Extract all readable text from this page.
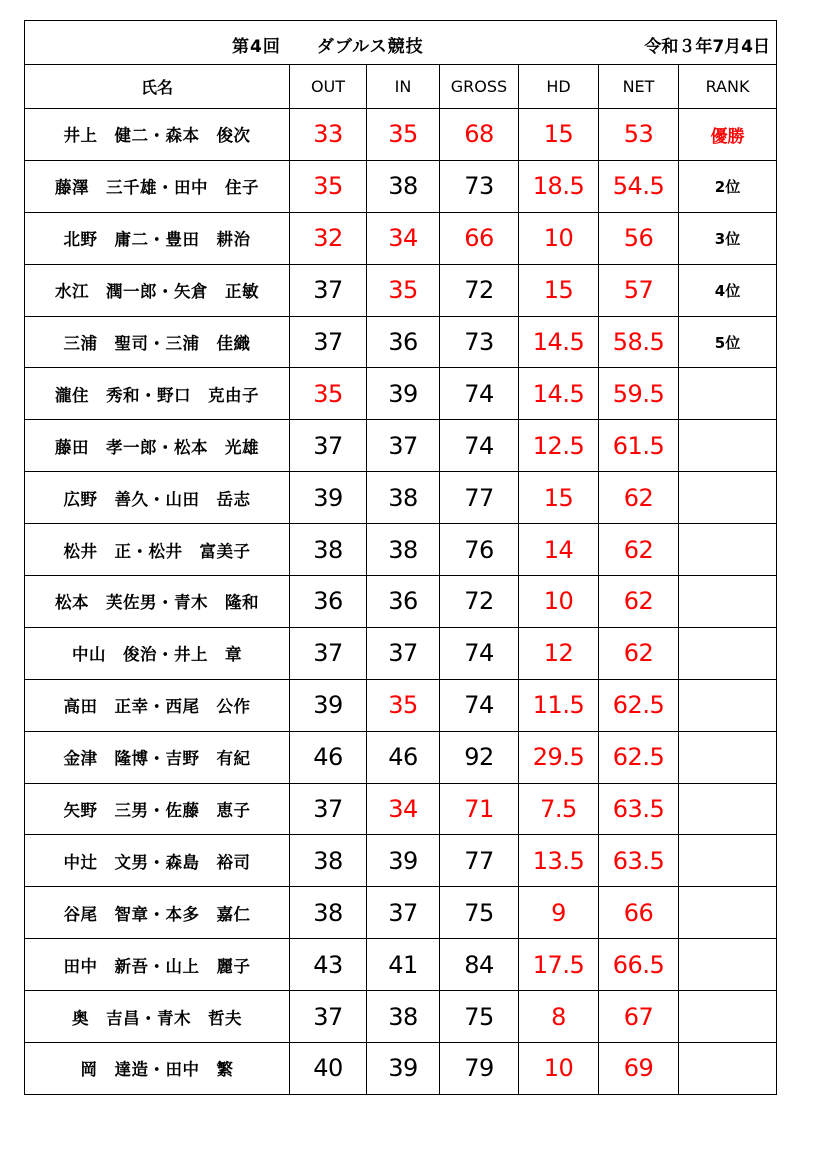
第4回　　ダブルス競技 令和３年7月4日						

氏名	OUT	IN	GROSS	HD	NET	RANK
井上　健二・森本　俊次	33	35	68	15	53	優勝
藤澤　三千雄・田中　住子	35	38	73	18.5	54.5	2位
北野　庸二・豊田　耕治	32	34	66	10	56	3位
水江　潤一郎・矢倉　正敏	37	35	72	15	57	4位
三浦　聖司・三浦　佳織	37	36	73	14.5	58.5	5位
瀧住　秀和・野口　克由子	35	39	74	14.5	59.5	
藤田　孝一郎・松本　光雄	37	37	74	12.5	61.5	
広野　善久・山田　岳志	39	38	77	15	62	
松井　正・松井　富美子	38	38	76	14	62	
松本　芙佐男・青木　隆和	36	36	72	10	62	
中山　俊治・井上　章	37	37	74	12	62	
高田　正幸・西尾　公作	39	35	74	11.5	62.5	
金津　隆博・吉野　有紀	46	46	92	29.5	62.5	
矢野　三男・佐藤　恵子	37	34	71	7.5	63.5	
中辻　文男・森島　裕司	38	39	77	13.5	63.5	
谷尾　智章・本多　嘉仁	38	37	75	9	66	
田中　新吾・山上　麗子	43	41	84	17.5	66.5	
奥　吉昌・青木　哲夫	37	38	75	8	67	
岡　達造・田中　繁	40	39	79	10	69	
